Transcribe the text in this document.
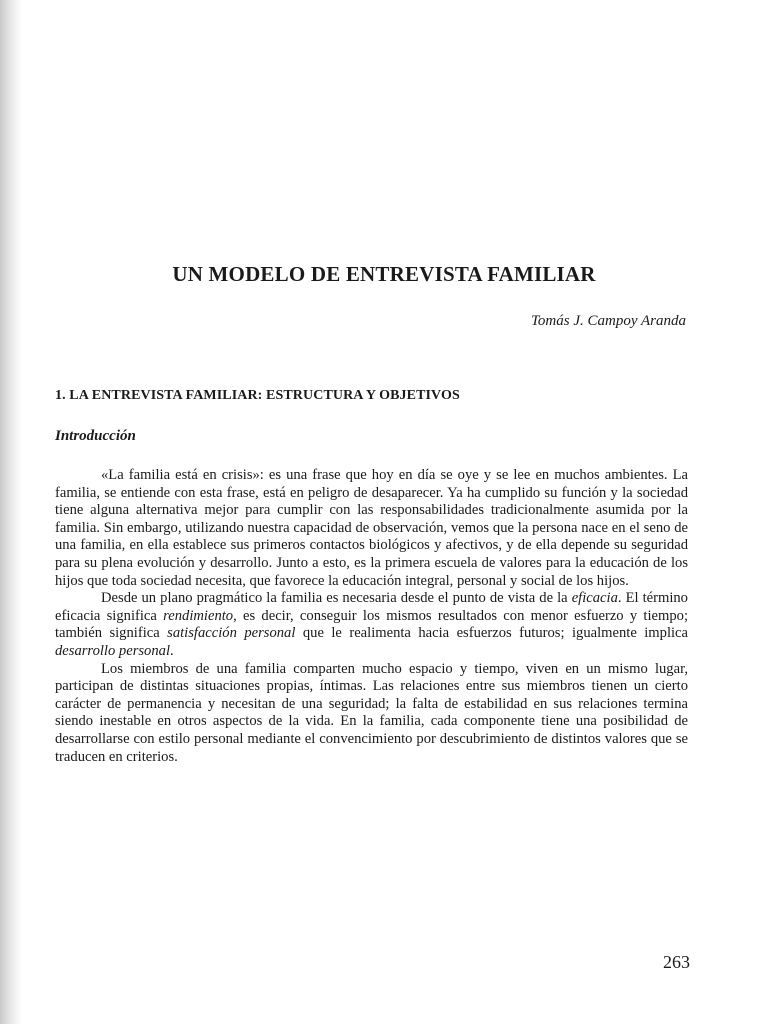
UN MODELO DE ENTREVISTA FAMILIAR

Tomás J. Campoy Aranda

1. LA ENTREVISTA FAMILIAR: ESTRUCTURA Y OBJETIVOS
Introducción

«La familia está en crisis»: es una frase que hoy en día se oye y se lee en muchos ambientes. La familia, se entiende con esta frase, está en peligro de desaparecer. Ya ha cumplido su función y la sociedad tiene alguna alternativa mejor para cumplir con las responsabilidades tradicionalmente asumida por la familia. Sin embargo, utilizando nuestra capacidad de observación, vemos que la persona nace en el seno de una familia, en ella establece sus primeros contactos biológicos y afectivos, y de ella depende su seguridad para su plena evolución y desarrollo. Junto a esto, es la primera escuela de valores para la educación de los hijos que toda sociedad necesita, que favorece la educación integral, personal y social de los hijos.

Desde un plano pragmático la familia es necesaria desde el punto de vista de la eficacia. El término eficacia significa rendimiento, es decir, conseguir los mismos resultados con menor esfuerzo y tiempo; también significa satisfacción personal que le realimenta hacia esfuerzos futuros; igualmente implica desarrollo personal.

Los miembros de una familia comparten mucho espacio y tiempo, viven en un mismo lugar, participan de distintas situaciones propias, íntimas. Las relaciones entre sus miembros tienen un cierto carácter de permanencia y necesitan de una seguridad; la falta de estabilidad en sus relaciones termina siendo inestable en otros aspectos de la vida. En la familia, cada componente tiene una posibilidad de desarrollarse con estilo personal mediante el convencimiento por descubrimiento de distintos valores que se traducen en criterios.

263
